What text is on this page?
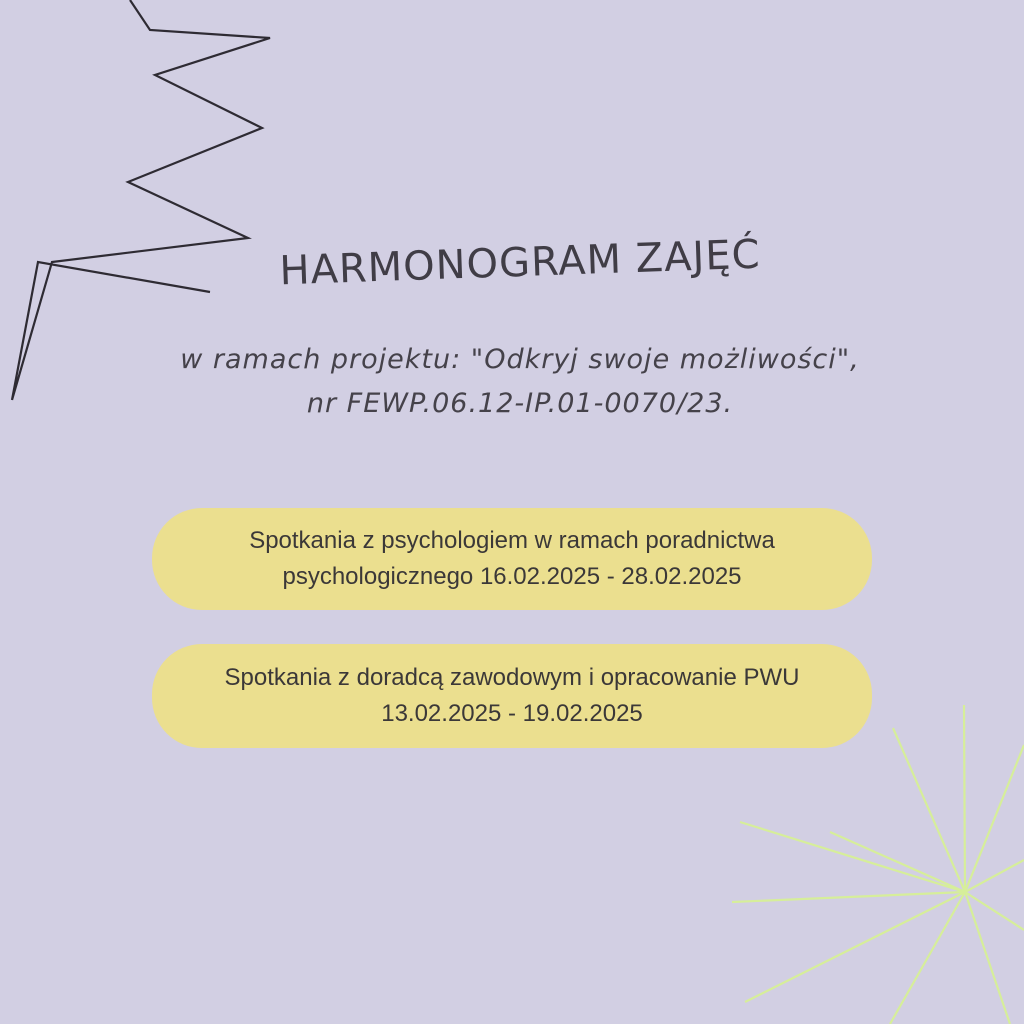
HARMONOGRAM ZAJĘĆ
w ramach projektu: "Odkryj swoje możliwości",
nr FEWP.06.12-IP.01-0070/23.
Spotkania z psychologiem w ramach poradnictwa
psychologicznego 16.02.2025 - 28.02.2025
Spotkania z doradcą zawodowym i opracowanie PWU
13.02.2025 - 19.02.2025
